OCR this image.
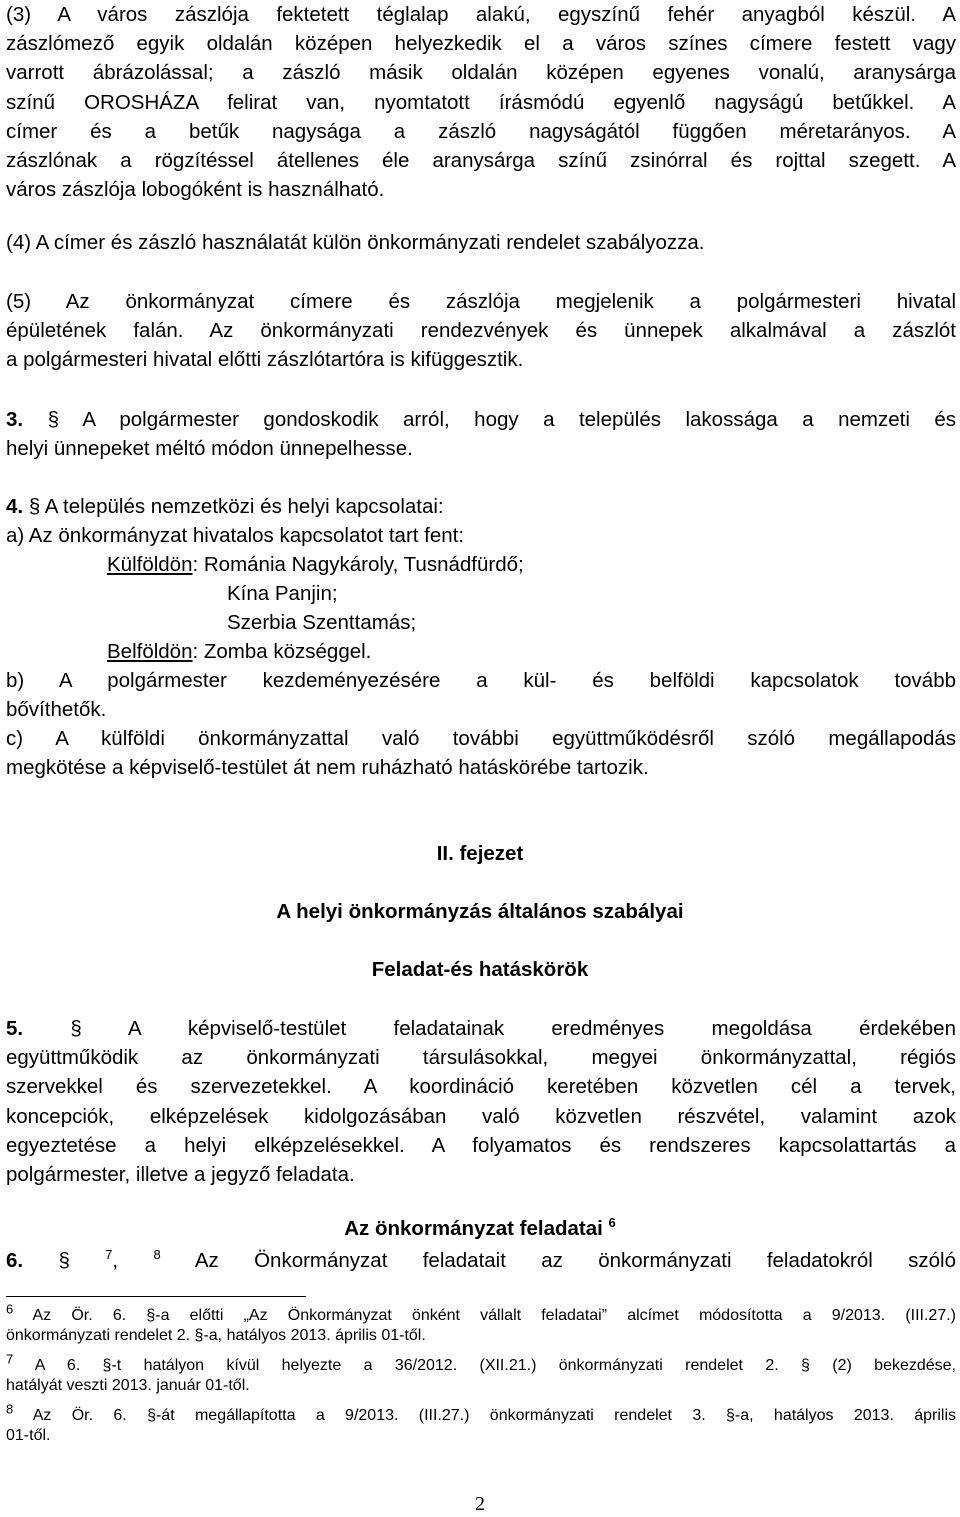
(3) A város zászlója fektetett téglalap alakú, egyszínű fehér anyagból készül. A
zászlómező egyik oldalán középen helyezkedik el a város színes címere festett vagy
varrott ábrázolással; a zászló másik oldalán középen egyenes vonalú, aranysárga
színű OROSHÁZA felirat van, nyomtatott írásmódú egyenlő nagyságú betűkkel. A
címer és a betűk nagysága a zászló nagyságától függően méretarányos. A
zászlónak a rögzítéssel átellenes éle aranysárga színű zsinórral és rojttal szegett. A
város zászlója lobogóként is használható.
(4) A címer és zászló használatát külön önkormányzati rendelet szabályozza.
(5) Az önkormányzat címere és zászlója megjelenik a polgármesteri hivatal
épületének falán. Az önkormányzati rendezvények és ünnepek alkalmával a zászlót
a polgármesteri hivatal előtti zászlótartóra is kifüggesztik.
3. § A polgármester gondoskodik arról, hogy a település lakossága a nemzeti és
helyi ünnepeket méltó módon ünnepelhesse.
4. § A település nemzetközi és helyi kapcsolatai:
a) Az önkormányzat hivatalos kapcsolatot tart fent:
Külföldön: Románia Nagykároly, Tusnádfürdő;
Kína Panjin;
Szerbia Szenttamás;
Belföldön: Zomba községgel.
b) A polgármester kezdeményezésére a kül- és belföldi kapcsolatok tovább
bővíthetők.
c) A külföldi önkormányzattal való további együttműködésről szóló megállapodás
megkötése a képviselő-testület át nem ruházható hatáskörébe tartozik.
II. fejezet
A helyi önkormányzás általános szabályai
Feladat-és hatáskörök
5. § A képviselő-testület feladatainak eredményes megoldása érdekében
együttműködik az önkormányzati társulásokkal, megyei önkormányzattal, régiós
szervekkel és szervezetekkel. A koordináció keretében közvetlen cél a tervek,
koncepciók, elképzelések kidolgozásában való közvetlen részvétel, valamint azok
egyeztetése a helyi elképzelésekkel. A folyamatos és rendszeres kapcsolattartás a
polgármester, illetve a jegyző feladata.
Az önkormányzat feladatai $^6$
6. §	$^7$,	$^8$ Az Önkormányzat feladatait az önkormányzati feladatokról szóló
$^6$ Az Ör. 6. §-a előtti „Az Önkormányzat önként vállalt feladatai” alcímet módosította a 9/2013. (III.27.)
önkormányzati rendelet 2. §-a, hatályos 2013. április 01-től.
$^7$ A 6. §-t hatályon kívül helyezte a 36/2012. (XII.21.) önkormányzati rendelet 2. § (2) bekezdése,
hatályát veszti 2013. január 01-től.
$^8$ Az Ör. 6. §-át megállapította a 9/2013. (III.27.) önkormányzati rendelet 3. §-a, hatályos 2013. április
01-től.
2
